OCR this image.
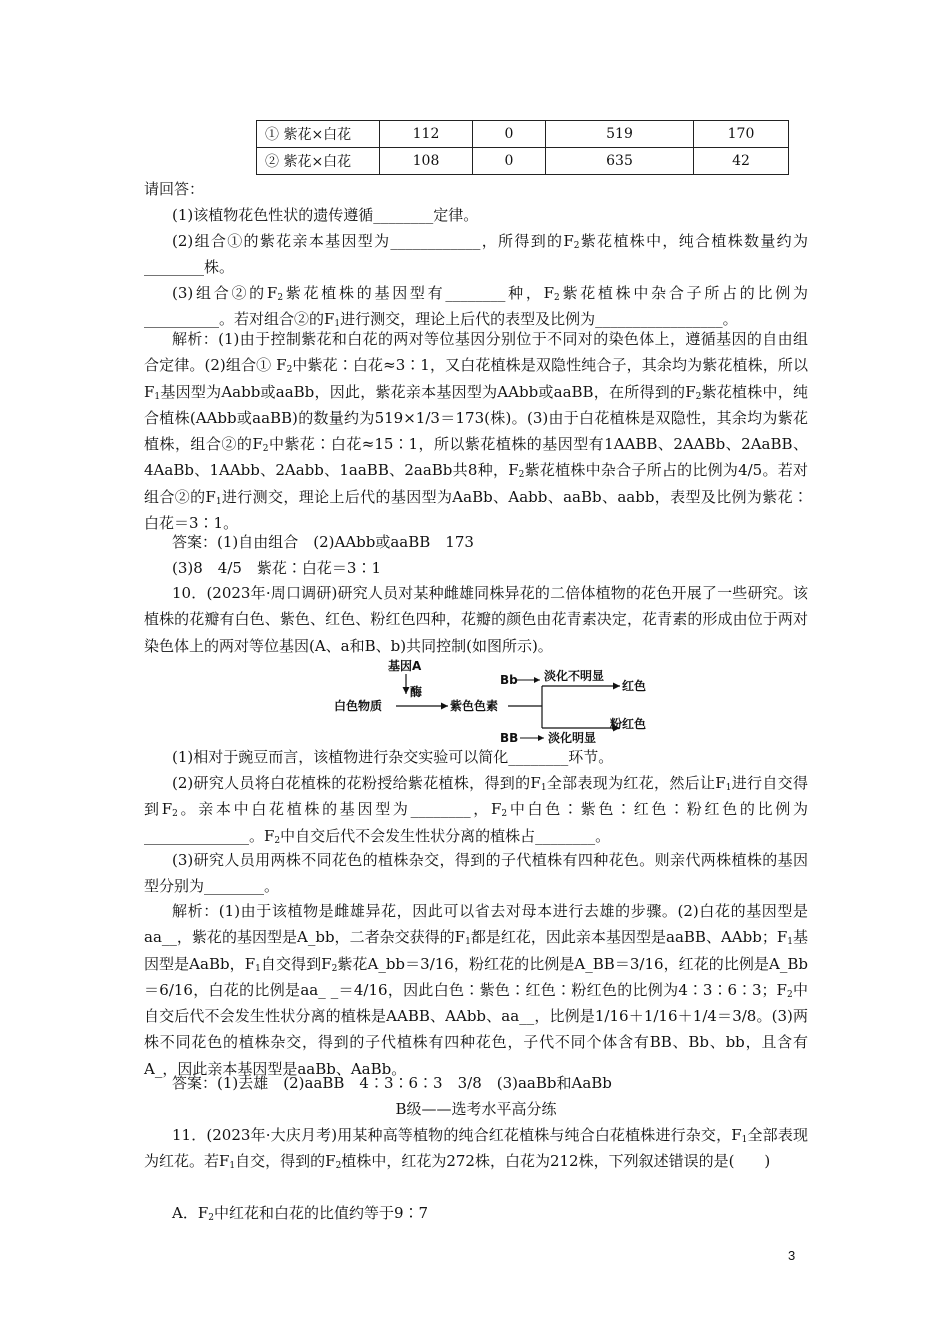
① 紫花×白花	112	0	519	170
② 紫花×白花	108	0	635	42

请回答：

(1)该植物花色性状的遗传遵循________定律。

(2)组合①的紫花亲本基因型为____________，所得到的$F_2$紫花植株中，纯合植株数量约为________株。

(3)组合②的$F_2$紫花植株的基因型有________种，$F_2$紫花植株中杂合子所占的比例为__________。若对组合②的$F_1$进行测交，理论上后代的表型及比例为_________________。

解析：(1)由于控制紫花和白花的两对等位基因分别位于不同对的染色体上，遵循基因的自由组合定律。(2)组合① $F_2$中紫花∶白花≈3∶1，又白花植株是双隐性纯合子，其余均为紫花植株，所以$F_1$基因型为Aabb或aaBb，因此，紫花亲本基因型为AAbb或aaBB，在所得到的$F_2$紫花植株中，纯合植株(AAbb或aaBB)的数量约为519×1/3＝173(株)。(3)由于白花植株是双隐性，其余均为紫花植株，组合②的$F_2$中紫花∶白花≈15∶1，所以紫花植株的基因型有1AABB、2AABb、2AaBB、4AaBb、1AAbb、2Aabb、1aaBB、2aaBb共8种，$F_2$紫花植株中杂合子所占的比例为4/5。若对组合②的$F_1$进行测交，理论上后代的基因型为AaBb、Aabb、aaBb、aabb，表型及比例为紫花∶白花＝3∶1。

答案：(1)自由组合　(2)AAbb或aaBB　173

(3)8　4/5　紫花∶白花＝3∶1

10．(2023年·周口调研)研究人员对某种雌雄同株异花的二倍体植物的花色开展了一些研究。该植株的花瓣有白色、紫色、红色、粉红色四种，花瓣的颜色由花青素决定，花青素的形成由位于两对染色体上的两对等位基因(A、a和B、b)共同控制(如图所示)。

基因A
酶
白色物质	紫色色素
Bb 淡化不明显
红色
BB 淡化明显
粉红色

(1)相对于豌豆而言，该植物进行杂交实验可以简化________环节。

(2)研究人员将白花植株的花粉授给紫花植株，得到的$F_1$全部表现为红花，然后让$F_1$进行自交得到$F_2$。亲本中白花植株的基因型为________，$F_2$中白色∶紫色∶红色∶粉红色的比例为______________。$F_2$中自交后代不会发生性状分离的植株占________。

(3)研究人员用两株不同花色的植株杂交，得到的子代植株有四种花色。则亲代两株植株的基因型分别为________。

解析：(1)由于该植物是雌雄异花，因此可以省去对母本进行去雄的步骤。(2)白花的基因型是aa__，紫花的基因型是A_bb，二者杂交获得的$F_1$都是红花，因此亲本基因型是aaBB、AAbb；$F_1$基因型是AaBb，$F_1$自交得到$F_2$紫花A_bb＝3/16，粉红花的比例是A_BB＝3/16，红花的比例是A_Bb＝6/16，白花的比例是aa_ _＝4/16，因此白色∶紫色∶红色∶粉红色的比例为4∶3∶6∶3；$F_2$中自交后代不会发生性状分离的植株是AABB、AAbb、aa__，比例是1/16＋1/16＋1/4＝3/8。(3)两株不同花色的植株杂交，得到的子代植株有四种花色，子代不同个体含有BB、Bb、bb，且含有A_，因此亲本基因型是aaBb、AaBb。

答案：(1)去雄　(2)aaBB　4∶3∶6∶3　3/8　(3)aaBb和AaBb

B级——选考水平高分练

11．(2023年·大庆月考)用某种高等植物的纯合红花植株与纯合白花植株进行杂交，$F_1$全部表现为红花。若$F_1$自交，得到的$F_2$植株中，红花为272株，白花为212株，下列叙述错误的是(　　)

A．$F_2$中红花和白花的比值约等于9∶7

3
